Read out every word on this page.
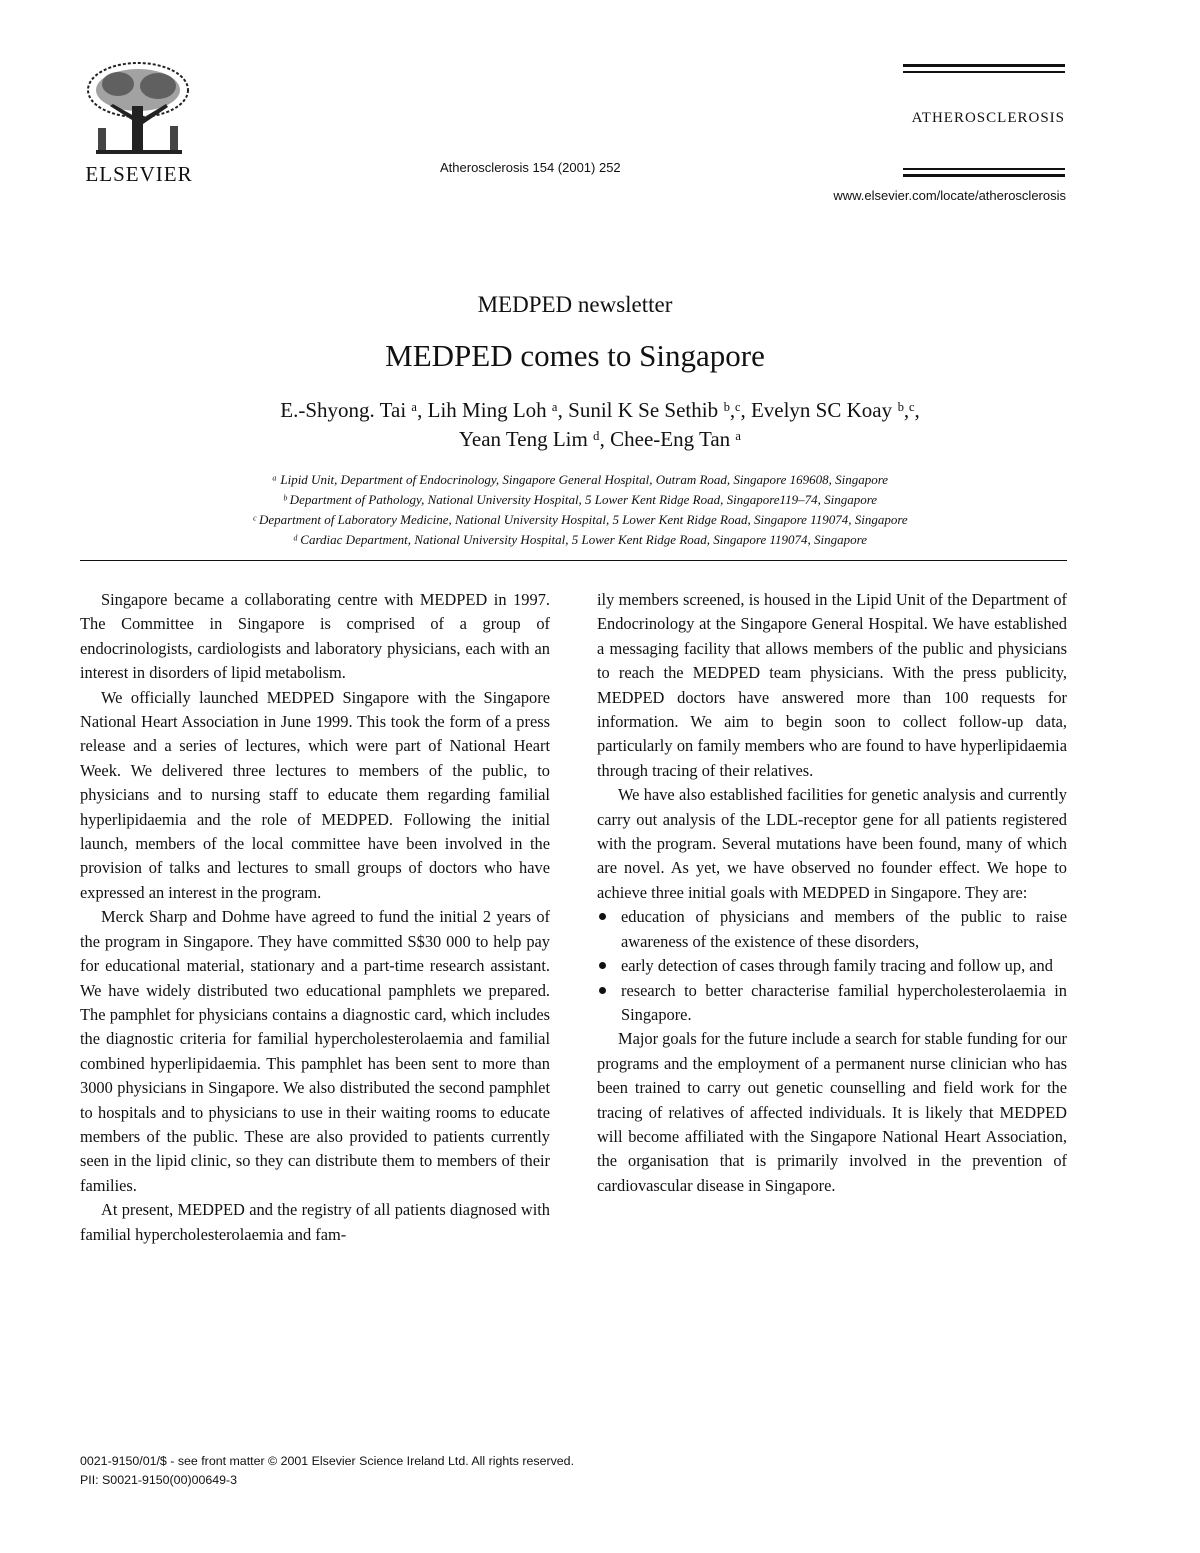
ELSEVIER	Atherosclerosis 154 (2001) 252
ATHEROSCLEROSIS
www.elsevier.com/locate/atherosclerosis
MEDPED newsletter
MEDPED comes to Singapore
E.-Shyong. Tai ᵃ, Lih Ming Loh ᵃ, Sunil K Se Sethib ᵇ,ᶜ, Evelyn SC Koay ᵇ,ᶜ,
Yean Teng Lim ᵈ, Chee-Eng Tan ᵃ
ᵃ Lipid Unit, Department of Endocrinology, Singapore General Hospital, Outram Road, Singapore 169608, Singapore
ᵇ Department of Pathology, National University Hospital, 5 Lower Kent Ridge Road, Singapore119–74, Singapore
ᶜ Department of Laboratory Medicine, National University Hospital, 5 Lower Kent Ridge Road, Singapore 119074, Singapore
ᵈ Cardiac Department, National University Hospital, 5 Lower Kent Ridge Road, Singapore 119074, Singapore

Singapore became a collaborating centre with MEDPED in 1997. The Committee in Singapore is comprised of a group of endocrinologists, cardiologists and laboratory physicians, each with an interest in disorders of lipid metabolism.

We officially launched MEDPED Singapore with the Singapore National Heart Association in June 1999. This took the form of a press release and a series of lectures, which were part of National Heart Week. We delivered three lectures to members of the public, to physicians and to nursing staff to educate them regarding familial hyperlipidaemia and the role of MEDPED. Following the initial launch, members of the local committee have been involved in the provision of talks and lectures to small groups of doctors who have expressed an interest in the program.

Merck Sharp and Dohme have agreed to fund the initial 2 years of the program in Singapore. They have committed S$30 000 to help pay for educational material, stationary and a part-time research assistant. We have widely distributed two educational pamphlets we prepared. The pamphlet for physicians contains a diagnostic card, which includes the diagnostic criteria for familial hypercholesterolaemia and familial combined hyperlipidaemia. This pamphlet has been sent to more than 3000 physicians in Singapore. We also distributed the second pamphlet to hospitals and to physicians to use in their waiting rooms to educate members of the public. These are also provided to patients currently seen in the lipid clinic, so they can distribute them to members of their families.

At present, MEDPED and the registry of all patients diagnosed with familial hypercholesterolaemia and fam-

ily members screened, is housed in the Lipid Unit of the Department of Endocrinology at the Singapore General Hospital. We have established a messaging facility that allows members of the public and physicians to reach the MEDPED team physicians. With the press publicity, MEDPED doctors have answered more than 100 requests for information. We aim to begin soon to collect follow-up data, particularly on family members who are found to have hyperlipidaemia through tracing of their relatives.

We have also established facilities for genetic analysis and currently carry out analysis of the LDL-receptor gene for all patients registered with the program. Several mutations have been found, many of which are novel. As yet, we have observed no founder effect. We hope to achieve three initial goals with MEDPED in Singapore. They are:

education of physicians and members of the public to raise awareness of the existence of these disorders,
early detection of cases through family tracing and follow up, and
research to better characterise familial hypercholesterolaemia in Singapore.

Major goals for the future include a search for stable funding for our programs and the employment of a permanent nurse clinician who has been trained to carry out genetic counselling and field work for the tracing of relatives of affected individuals. It is likely that MEDPED will become affiliated with the Singapore National Heart Association, the organisation that is primarily involved in the prevention of cardiovascular disease in Singapore.

0021-9150/01/$ - see front matter © 2001 Elsevier Science Ireland Ltd. All rights reserved.
PII: S0021-9150(00)00649-3
